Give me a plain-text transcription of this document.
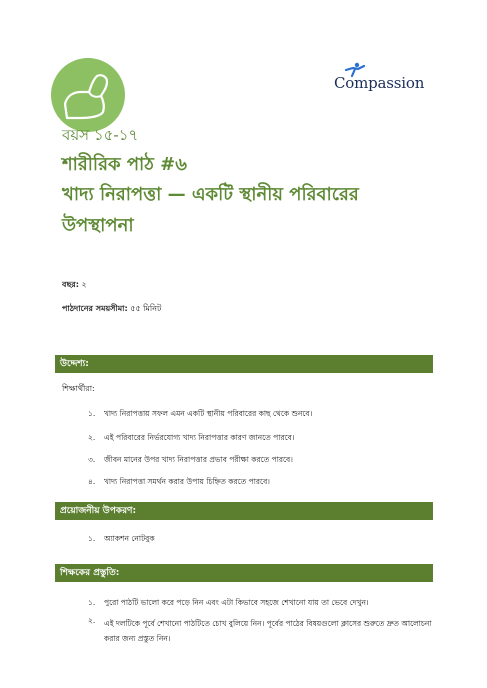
Compassion
বয়স ১৫-১৭
শারীরিক পাঠ #৬
খাদ্য নিরাপত্তা — একটি স্থানীয় পরিবারের
উপস্থাপনা
বছর: ২
পাঠদানের সময়সীমা: ৫৫ মিনিট
উদ্দেশ্য:
শিক্ষার্থীরা:
১. খাদ্য নিরাপত্তায় সফল এমন একটি স্থানীয় পরিবারের কাছ থেকে শুনবে।
২. এই পরিবারের নির্ভরযোগ্য খাদ্য নিরাপত্তার কারণ জানতে পারবে।
৩. জীবন মানের উপর খাদ্য নিরাপত্তার প্রভাব পরীক্ষা করতে পারবে।
৪. খাদ্য নিরাপত্তা সমর্থন করার উপায় চিহ্নিত করতে পারবে।
প্রয়োজনীয় উপকরণ:
১. অ্যাকশন নোটবুক
শিক্ষকের প্রস্তুতি:
১. পুরো পাঠটি ভালো করে পড়ে নিন এবং এটা কিভাবে সহজে শেখানো যায় তা ভেবে দেখুন।
২. এই দলটিকে পূর্বে শেখানো পাঠটিতে চোখ বুলিয়ে নিন। পূর্বের পাঠের বিষয়গুলো ক্লাসের শুরুতে দ্রুত আলোচনা করার জন্য প্রস্তুত নিন।
